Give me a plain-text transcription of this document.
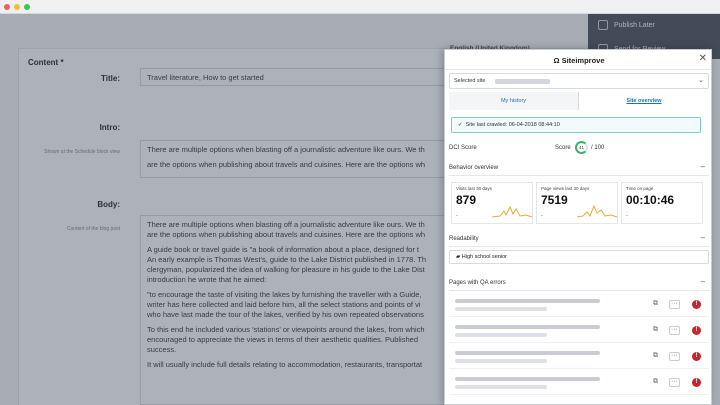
Content *
Title:	Travel literature, How to get started
Intro:
Shown at the Schedule block view	There are multiple options when blasting off a journalistic adventure like ours. We th

are the options when publishing about travels and cuisines. Here are the options wh

Body:
Content of the blog post	There are multiple options when blasting off a journalistic adventure like ours. We th

are the options when publishing about travels and cuisines. Here are the options wh

A guide book or travel guide is "a book of information about a place, designed for t

An early example is Thomas West's, guide to the Lake District published in 1778. Th

clergyman, popularized the idea of walking for pleasure in his guide to the Lake Dist

introduction he wrote that he aimed:

"to encourage the taste of visiting the lakes by furnishing the traveller with a Guide,

writer has here collected and laid before him, all the select stations and points of vi

who have last made the tour of the lakes, verified by his own repeated observations

To this end he included various 'stations' or viewpoints around the lakes, from which

encouraged to appreciate the views in terms of their aesthetic qualities. Published

success.

It will usually include full details relating to accommodation, restaurants, transportat

Publish Later
Ω Siteimprove	✕
Selected site	⌄
My history	Site overview
✔ Site last crawled: 06-04-2018 08:44:10
DCI Score	Score	41	/ 100
Behavior overview	–
Visits last 30 days
879
-
Page views last 30 days
7519
-
Time on page
00:10:46
-
Readability	–
▰ High school senior
Pages with QA errors	–
⧉ ···	!
⧉ ···	!
⧉ ···	!
⧉ ···	!
